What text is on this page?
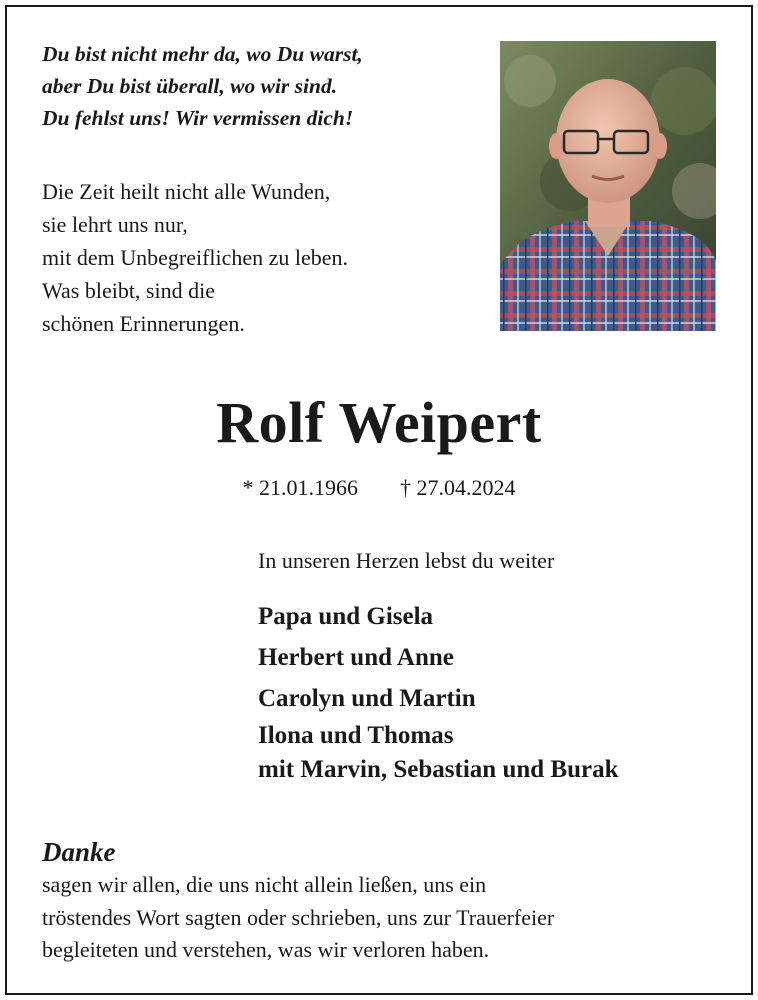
Du bist nicht mehr da, wo Du warst,
aber Du bist überall, wo wir sind.
Du fehlst uns! Wir vermissen dich!
Die Zeit heilt nicht alle Wunden,
sie lehrt uns nur,
mit dem Unbegreiflichen zu leben.
Was bleibt, sind die
schönen Erinnerungen.
Rolf Weipert
* 21.01.1966 † 27.04.2024
In unseren Herzen lebst du weiter
Papa und Gisela
Herbert und Anne
Carolyn und Martin
Ilona und Thomas
mit Marvin, Sebastian und Burak
Danke
sagen wir allen, die uns nicht allein ließen, uns ein
tröstendes Wort sagten oder schrieben, uns zur Trauerfeier
begleiteten und verstehen, was wir verloren haben.
